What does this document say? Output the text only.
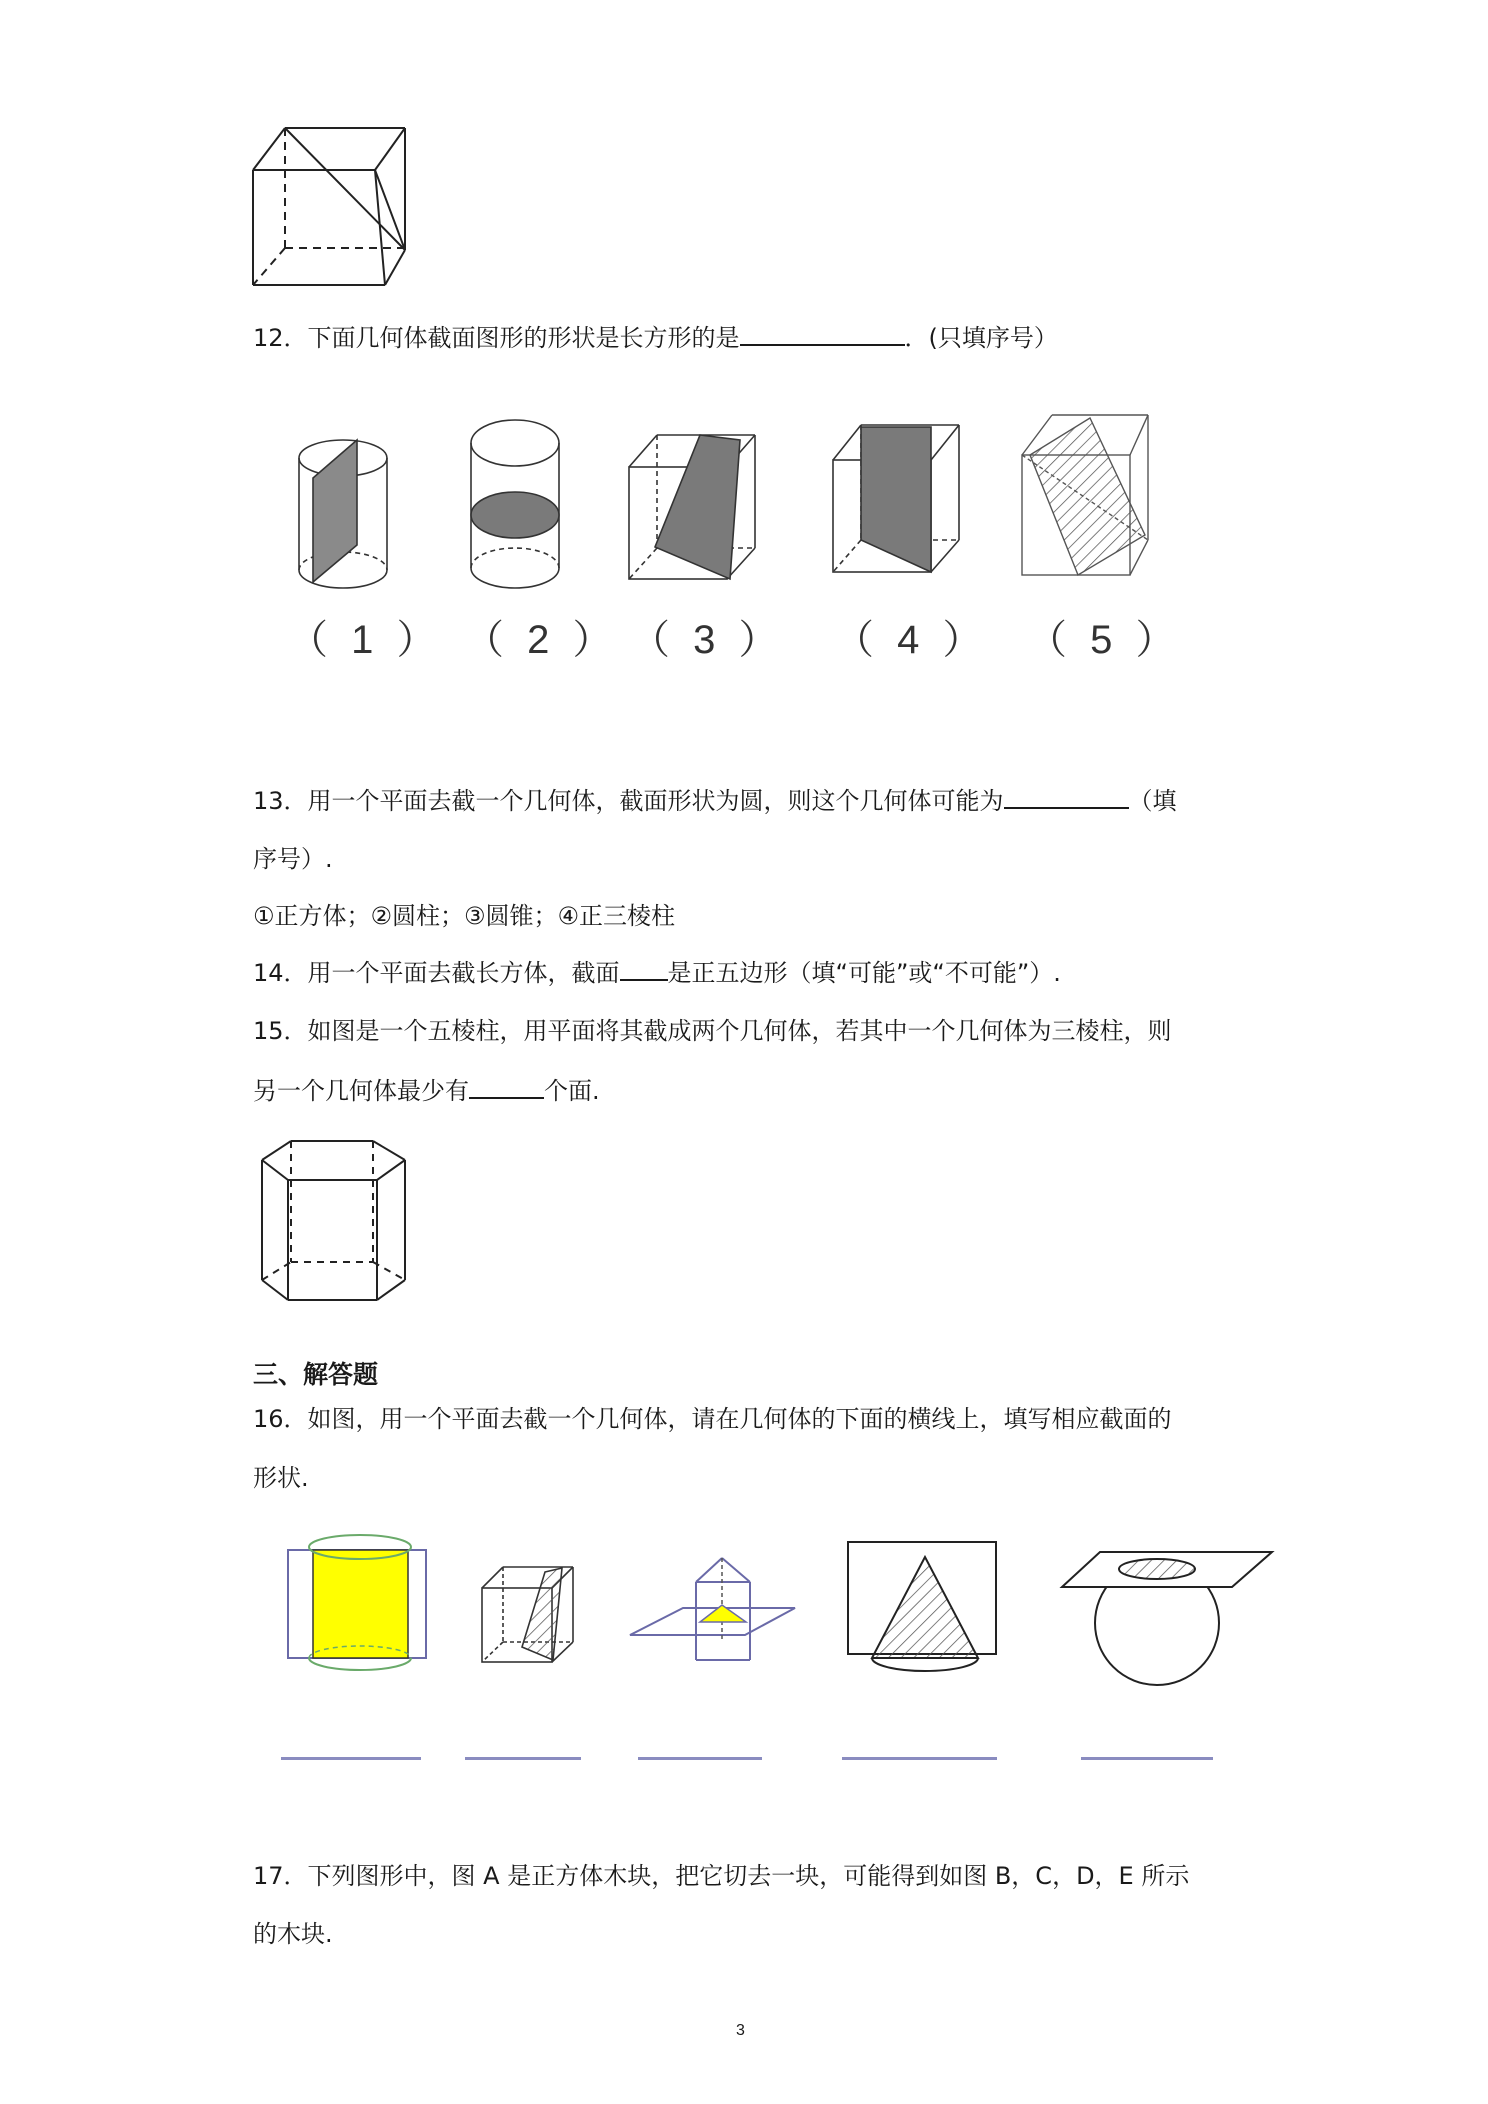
12．下面几何体截面图形的形状是长方形的是	．(只填序号）
（ 1 ） （ 2 ） （ 3 ） （ 4 ） （ 5 ）
13．用一个平面去截一个几何体，截面形状为圆，则这个几何体可能为	（填
序号）.
①正方体；②圆柱；③圆锥；④正三棱柱
14．用一个平面去截长方体，截面 是正五边形（填“可能”或“不可能”）.
15．如图是一个五棱柱，用平面将其截成两个几何体，若其中一个几何体为三棱柱，则
另一个几何体最少有	个面.
三、解答题
16．如图，用一个平面去截一个几何体，请在几何体的下面的横线上，填写相应截面的
形状.
17．下列图形中，图 A 是正方体木块，把它切去一块，可能得到如图 B，C，D，E 所示
的木块.
3
